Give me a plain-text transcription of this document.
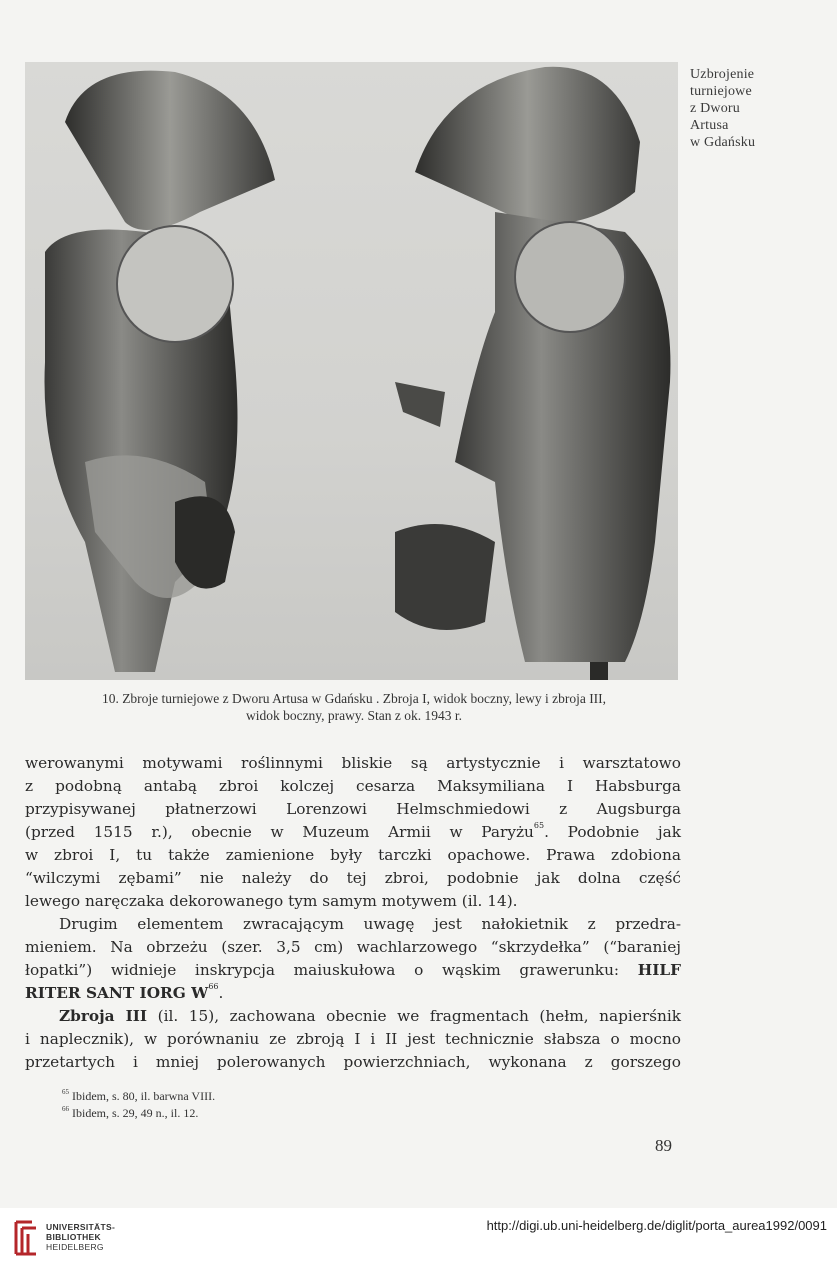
Uzbrojenie
turniejowe
z Dworu
Artusa
w Gdańsku
10. Zbroje turniejowe z Dworu Artusa w Gdańsku . Zbroja I, widok boczny, lewy i zbroja III,
widok boczny, prawy. Stan z ok. 1943 r.
werowanymi motywami roślinnymi bliskie są artystycznie i warsztatowo
z podobną antabą zbroi kolczej cesarza Maksymiliana I Habsburga
przypisywanej płatnerzowi Lorenzowi Helmschmiedowi z Augsburga
(przed 1515 r.), obecnie w Muzeum Armii w Paryżu$^{65}$. Podobnie jak
w zbroi I, tu także zamienione były tarczki opachowe. Prawa zdobiona
“wilczymi zębami” nie należy do tej zbroi, podobnie jak dolna część
lewego naręczaka dekorowanego tym samym motywem (il. 14).
Drugim elementem zwracającym uwagę jest nałokietnik z przedra-
mieniem. Na obrzeżu (szer. 3,5 cm) wachlarzowego “skrzydełka” (“baraniej
łopatki”) widnieje inskrypcja maiuskułowa o wąskim grawerunku: HILF
RITER SANT IORG $W^{66}$.
Zbroja III (il. 15), zachowana obecnie we fragmentach (hełm, napierśnik
i naplecznik), w porównaniu ze zbroją I i II jest technicznie słabsza o mocno
przetartych i mniej polerowanych powierzchniach, wykonana z gorszego
$^{65}$ Ibidem, s. 80, il. barwna VIII.
$^{66}$ Ibidem, s. 29, 49 n., il. 12.
89
UNIVERSITÄTS-
BIBLIOTHEK
HEIDELBERG
http://digi.ub.uni-heidelberg.de/diglit/porta_aurea1992/0091
